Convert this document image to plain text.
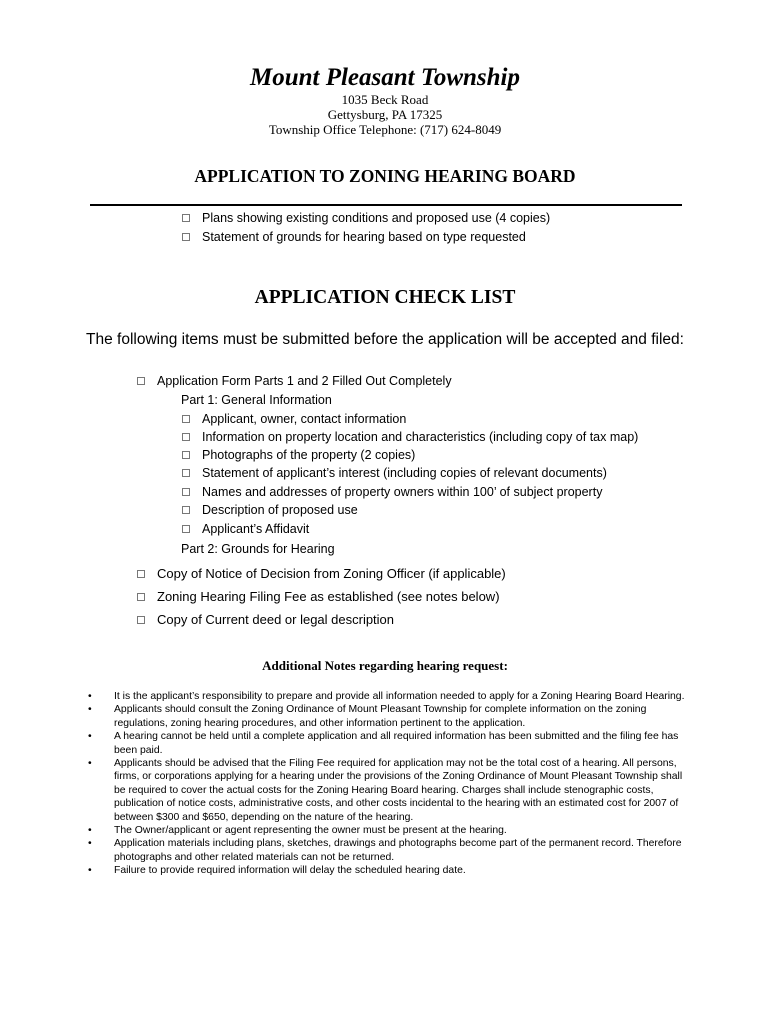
Mount Pleasant Township
1035 Beck Road
Gettysburg, PA 17325
Township Office Telephone: (717) 624-8049
APPLICATION TO ZONING HEARING BOARD
Plans showing existing conditions and proposed use (4 copies)
Statement of grounds for hearing based on type requested
APPLICATION CHECK LIST
The following items must be submitted before the application will be accepted and filed:
Application Form Parts 1 and 2 Filled Out Completely
Part 1: General Information
Applicant, owner, contact information
Information on property location and characteristics (including copy of tax map)
Photographs of the property (2 copies)
Statement of applicant’s interest (including copies of relevant documents)
Names and addresses of property owners within 100’ of subject property
Description of proposed use
Applicant’s Affidavit
Part 2: Grounds for Hearing
Copy of Notice of Decision from Zoning Officer (if applicable)
Zoning Hearing Filing Fee as established (see notes below)
Copy of Current deed or legal description
Additional Notes regarding hearing request:
• It is the applicant’s responsibility to prepare and provide all information needed to apply for a Zoning Hearing Board Hearing.
• Applicants should consult the Zoning Ordinance of Mount Pleasant Township for complete information on the zoning regulations, zoning hearing procedures, and other information pertinent to the application.
• A hearing cannot be held until a complete application and all required information has been submitted and the filing fee has been paid.
• Applicants should be advised that the Filing Fee required for application may not be the total cost of a hearing. All persons, firms, or corporations applying for a hearing under the provisions of the Zoning Ordinance of Mount Pleasant Township shall be required to cover the actual costs for the Zoning Hearing Board hearing. Charges shall include stenographic costs, publication of notice costs, administrative costs, and other costs incidental to the hearing with an estimated cost for 2007 of between $300 and $650, depending on the nature of the hearing.
• The Owner/applicant or agent representing the owner must be present at the hearing.
• Application materials including plans, sketches, drawings and photographs become part of the permanent record. Therefore photographs and other related materials can not be returned.
• Failure to provide required information will delay the scheduled hearing date.
